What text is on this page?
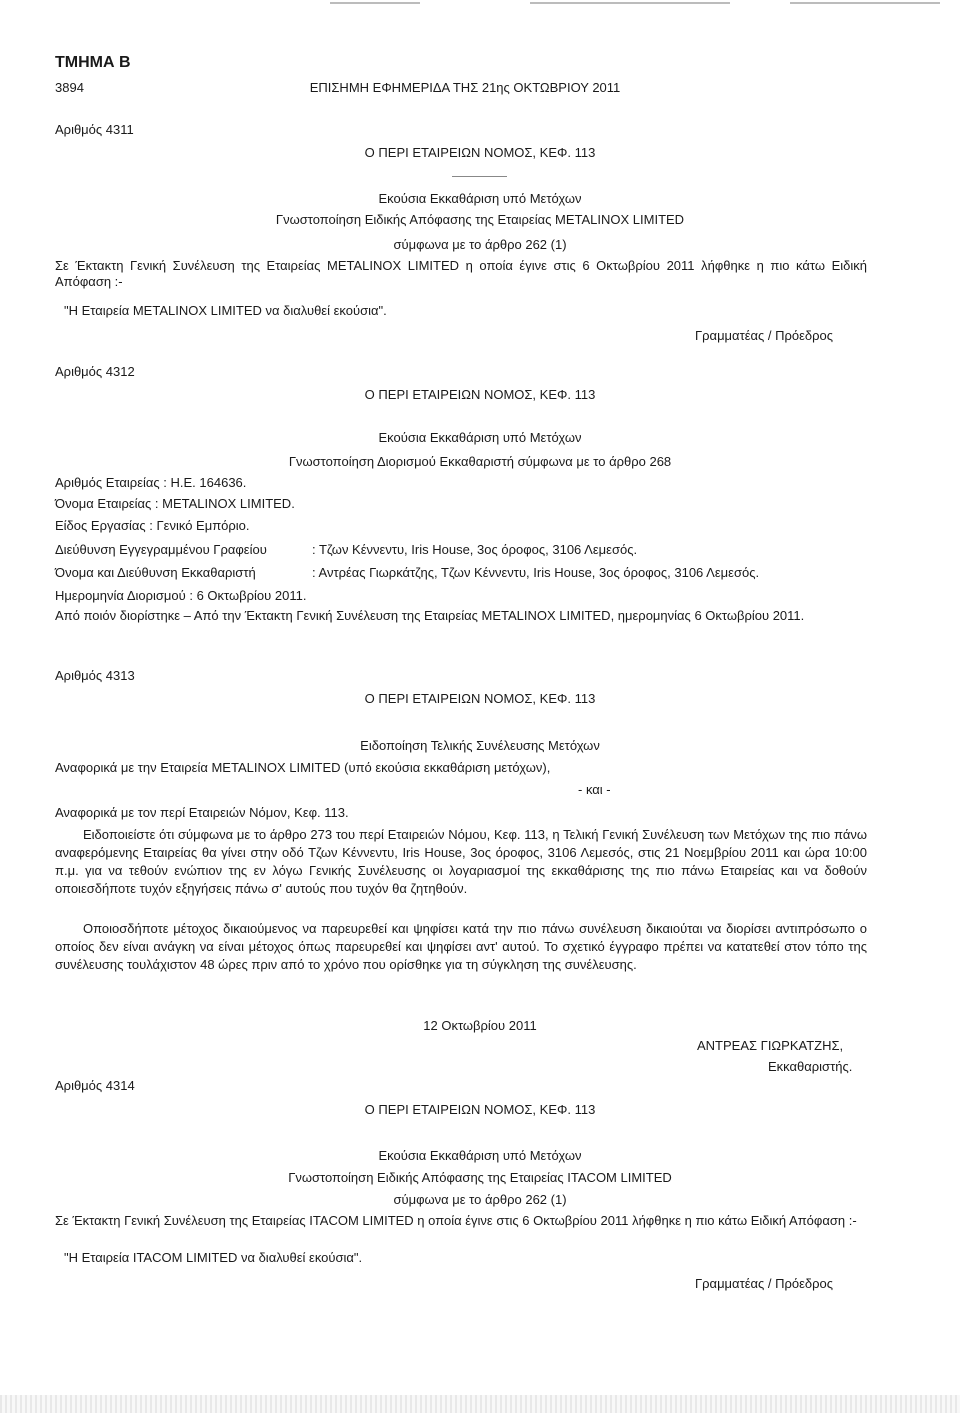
ΤΜΗΜΑ Β
3894	ΕΠΙΣΗΜΗ ΕΦΗΜΕΡΙΔΑ ΤΗΣ 21ης ΟΚΤΩΒΡΙΟΥ 2011
Αριθμός 4311
Ο ΠΕΡΙ ΕΤΑΙΡΕΙΩΝ ΝΟΜΟΣ, ΚΕΦ. 113
Εκούσια Εκκαθάριση υπό Μετόχων
Γνωστοποίηση Ειδικής Απόφασης της Εταιρείας METALINOX LIMITED
σύμφωνα με το άρθρο 262 (1)
Σε Έκτακτη Γενική Συνέλευση της Εταιρείας METALINOX LIMITED η οποία έγινε στις 6 Οκτωβρίου 2011 λήφθηκε η πιο κάτω Ειδική Απόφαση :-
"Η Εταιρεία METALINOX LIMITED να διαλυθεί εκούσια".
Γραμματέας / Πρόεδρος
Αριθμός 4312
Ο ΠΕΡΙ ΕΤΑΙΡΕΙΩΝ ΝΟΜΟΣ, ΚΕΦ. 113
Εκούσια Εκκαθάριση υπό Μετόχων
Γνωστοποίηση Διορισμού Εκκαθαριστή σύμφωνα με το άρθρο 268
Αριθμός Εταιρείας : Η.Ε. 164636.
Όνομα Εταιρείας : METALINOX LIMITED.
Είδος Εργασίας : Γενικό Εμπόριο.
Διεύθυνση Εγγεγραμμένου Γραφείου	: Τζων Κέννεντυ, Iris House, 3ος όροφος, 3106 Λεμεσός.
Όνομα και Διεύθυνση Εκκαθαριστή	: Αντρέας Γιωρκάτζης, Τζων Κέννεντυ, Iris House, 3ος όροφος, 3106 Λεμεσός.
Ημερομηνία Διορισμού : 6 Οκτωβρίου 2011.
Από ποιόν διορίστηκε – Από την Έκτακτη Γενική Συνέλευση της Εταιρείας METALINOX LIMITED, ημερομηνίας 6 Οκτωβρίου 2011.
Αριθμός 4313
Ο ΠΕΡΙ ΕΤΑΙΡΕΙΩΝ ΝΟΜΟΣ, ΚΕΦ. 113
Ειδοποίηση Τελικής Συνέλευσης Μετόχων
Αναφορικά με την Εταιρεία METALINOX LIMITED (υπό εκούσια εκκαθάριση μετόχων),
- και -
Αναφορικά με τον περί Εταιρειών Νόμον, Κεφ. 113.
Ειδοποιείστε ότι σύμφωνα με το άρθρο 273 του περί Εταιρειών Νόμου, Κεφ. 113, η Τελική Γενική Συνέλευση των Μετόχων της πιο πάνω αναφερόμενης Εταιρείας θα γίνει στην οδό Τζων Κέννεντυ, Iris House, 3ος όροφος, 3106 Λεμεσός, στις 21 Νοεμβρίου 2011 και ώρα 10:00 π.μ. για να τεθούν ενώπιον της εν λόγω Γενικής Συνέλευσης οι λογαριασμοί της εκκαθάρισης της πιο πάνω Εταιρείας και να δοθούν οποιεσδήποτε τυχόν εξηγήσεις πάνω σ' αυτούς που τυχόν θα ζητηθούν.
Οποιοσδήποτε μέτοχος δικαιούμενος να παρευρεθεί και ψηφίσει κατά την πιο πάνω συνέλευση δικαιούται να διορίσει αντιπρόσωπο ο οποίος δεν είναι ανάγκη να είναι μέτοχος όπως παρευρεθεί και ψηφίσει αντ' αυτού. Το σχετικό έγγραφο πρέπει να κατατεθεί στον τόπο της συνέλευσης τουλάχιστον 48 ώρες πριν από το χρόνο που ορίσθηκε για τη σύγκληση της συνέλευσης.
12 Οκτωβρίου 2011
ΑΝΤΡΕΑΣ ΓΙΩΡΚΑΤΖΗΣ,
Εκκαθαριστής.
Αριθμός 4314
Ο ΠΕΡΙ ΕΤΑΙΡΕΙΩΝ ΝΟΜΟΣ, ΚΕΦ. 113
Εκούσια Εκκαθάριση υπό Μετόχων
Γνωστοποίηση Ειδικής Απόφασης της Εταιρείας ITACOM LIMITED
σύμφωνα με το άρθρο 262 (1)
Σε Έκτακτη Γενική Συνέλευση της Εταιρείας ITACOM LIMITED η οποία έγινε στις 6 Οκτωβρίου 2011 λήφθηκε η πιο κάτω Ειδική Απόφαση :-
"Η Εταιρεία ITACOM LIMITED να διαλυθεί εκούσια".
Γραμματέας / Πρόεδρος
